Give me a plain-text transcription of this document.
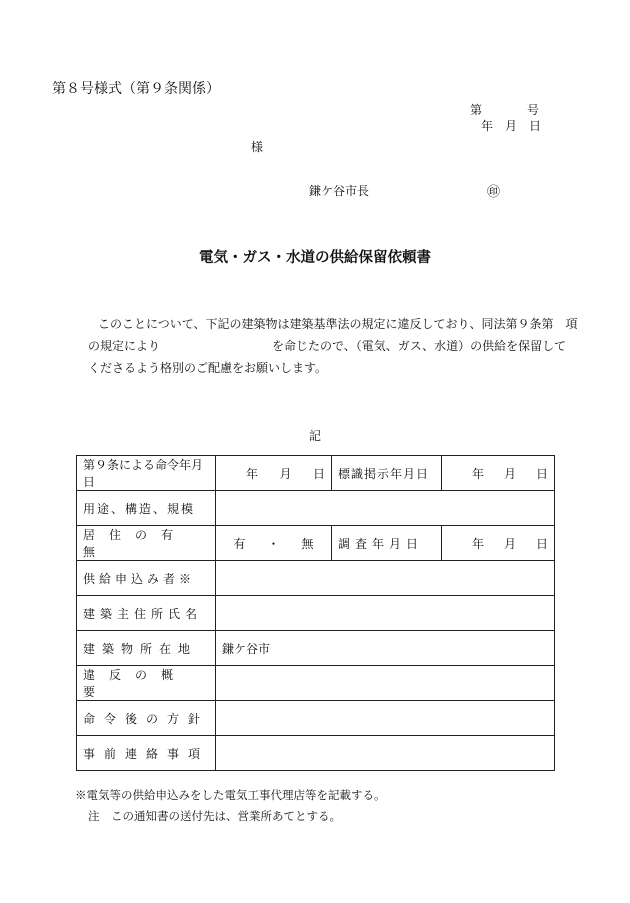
第８号様式（第９条関係）
第	号
年　月　日
様
鎌ケ谷市長	㊞
電気・ガス・水道の供給保留依頼書
このことについて、下記の建築物は建築基準法の規定に違反しており、同法第９条第　項
の規定により	を命じたので、（電気、ガス、水道）の供給を保留して
くださるよう格別のご配慮をお願いします。
記
第９条による命令年月日	年 月 日	標識掲示年月日	年 月 日

用途、構造、規模			

居住の有無	有 ・ 無	調査年月日	年 月 日

供給申込み者※			

建築主住所氏名			

建築物所在地	鎌ケ谷市		

違反の概要			

命令後の方針			

事前連絡事項			

※電気等の供給申込みをした電気工事代理店等を記載する。
注　この通知書の送付先は、営業所あてとする。
